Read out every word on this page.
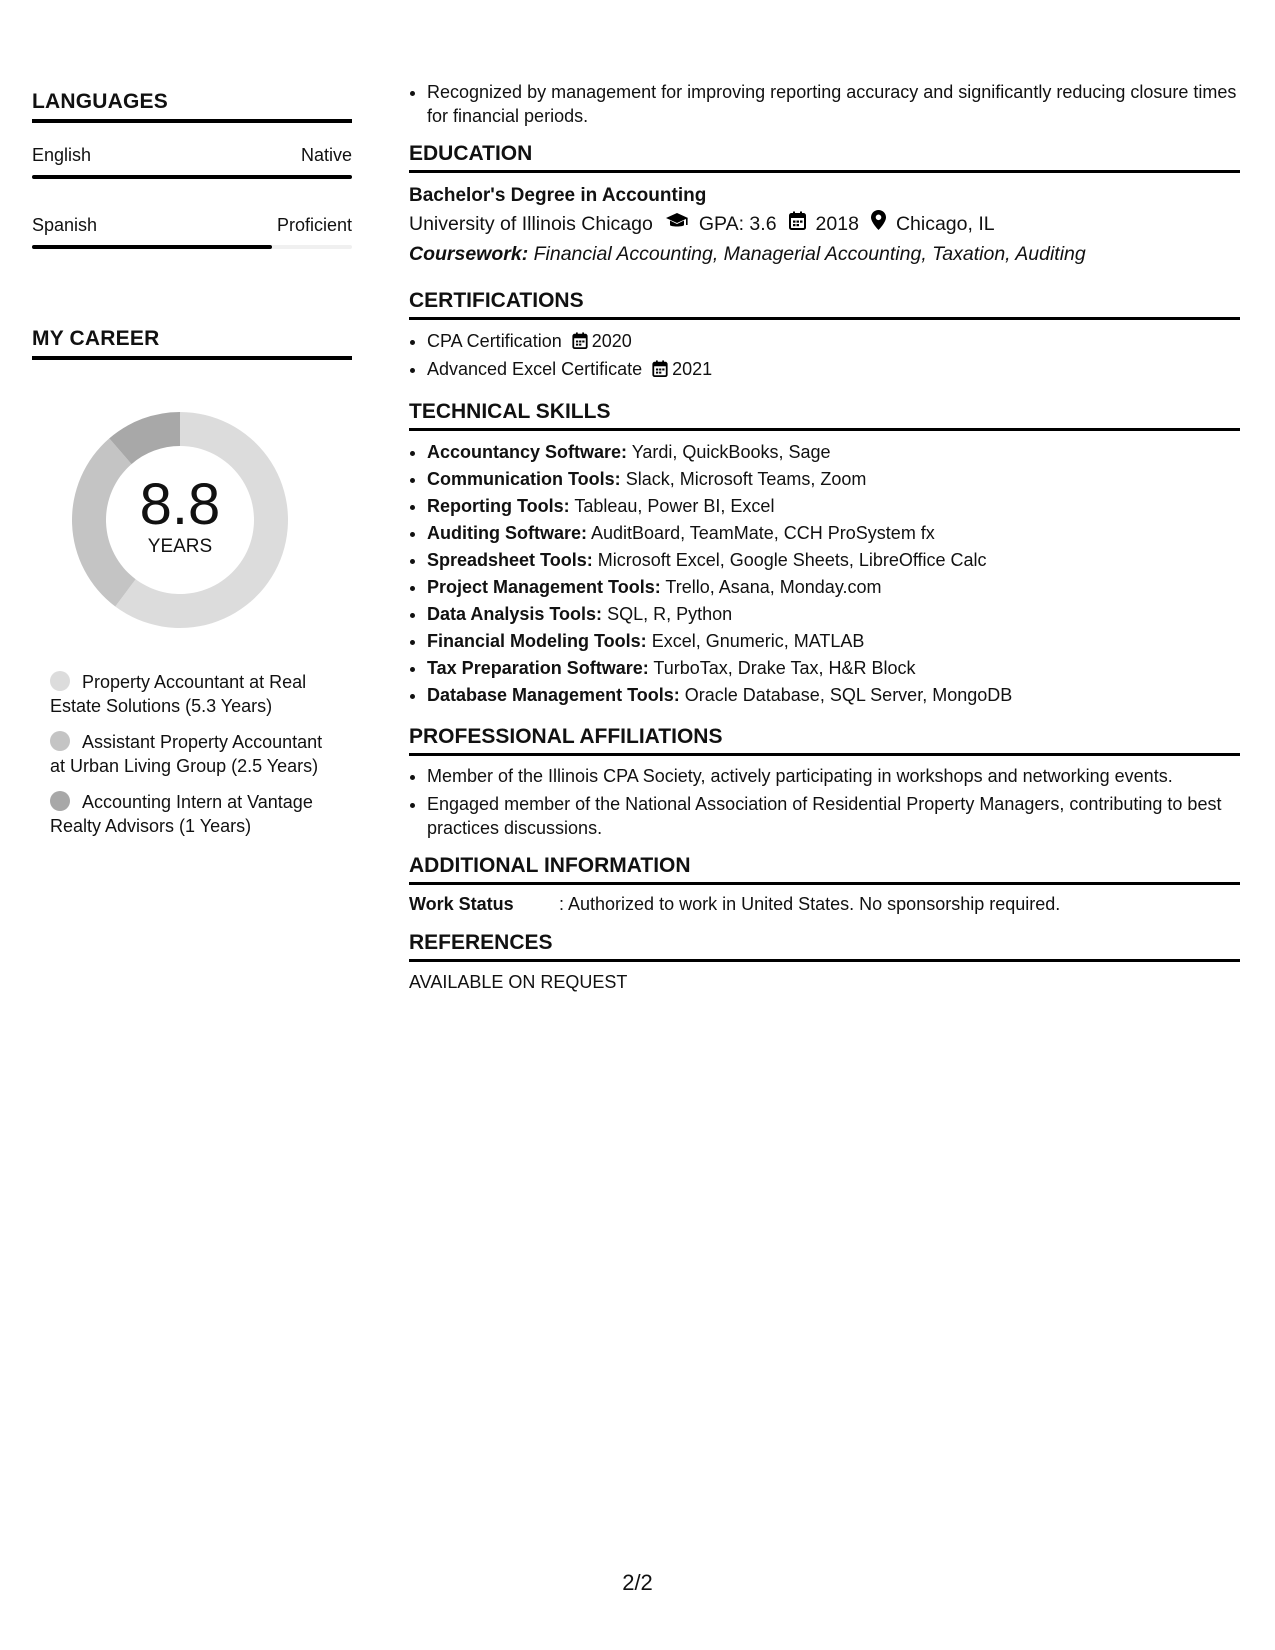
LANGUAGES
English	Native
Spanish	Proficient
MY CAREER
8.8
YEARS
Property Accountant at Real Estate Solutions (5.3 Years)
Assistant Property Accountant at Urban Living Group (2.5 Years)
Accounting Intern at Vantage Realty Advisors (1 Years)
• Recognized by management for improving reporting accuracy and significantly reducing closure times for financial periods.
EDUCATION
Bachelor's Degree in Accounting
University of Illinois Chicago GPA: 3.6 2018 Chicago, IL
Coursework: Financial Accounting, Managerial Accounting, Taxation, Auditing
CERTIFICATIONS
• CPA Certification 2020
• Advanced Excel Certificate 2021
TECHNICAL SKILLS
• Accountancy Software: Yardi, QuickBooks, Sage
• Communication Tools: Slack, Microsoft Teams, Zoom
• Reporting Tools: Tableau, Power BI, Excel
• Auditing Software: AuditBoard, TeamMate, CCH ProSystem fx
• Spreadsheet Tools: Microsoft Excel, Google Sheets, LibreOffice Calc
• Project Management Tools: Trello, Asana, Monday.com
• Data Analysis Tools: SQL, R, Python
• Financial Modeling Tools: Excel, Gnumeric, MATLAB
• Tax Preparation Software: TurboTax, Drake Tax, H&R Block
• Database Management Tools: Oracle Database, SQL Server, MongoDB
PROFESSIONAL AFFILIATIONS
• Member of the Illinois CPA Society, actively participating in workshops and networking events.
• Engaged member of the National Association of Residential Property Managers, contributing to best practices discussions.
ADDITIONAL INFORMATION
Work Status	: Authorized to work in United States. No sponsorship required.
REFERENCES
AVAILABLE ON REQUEST
2/2
